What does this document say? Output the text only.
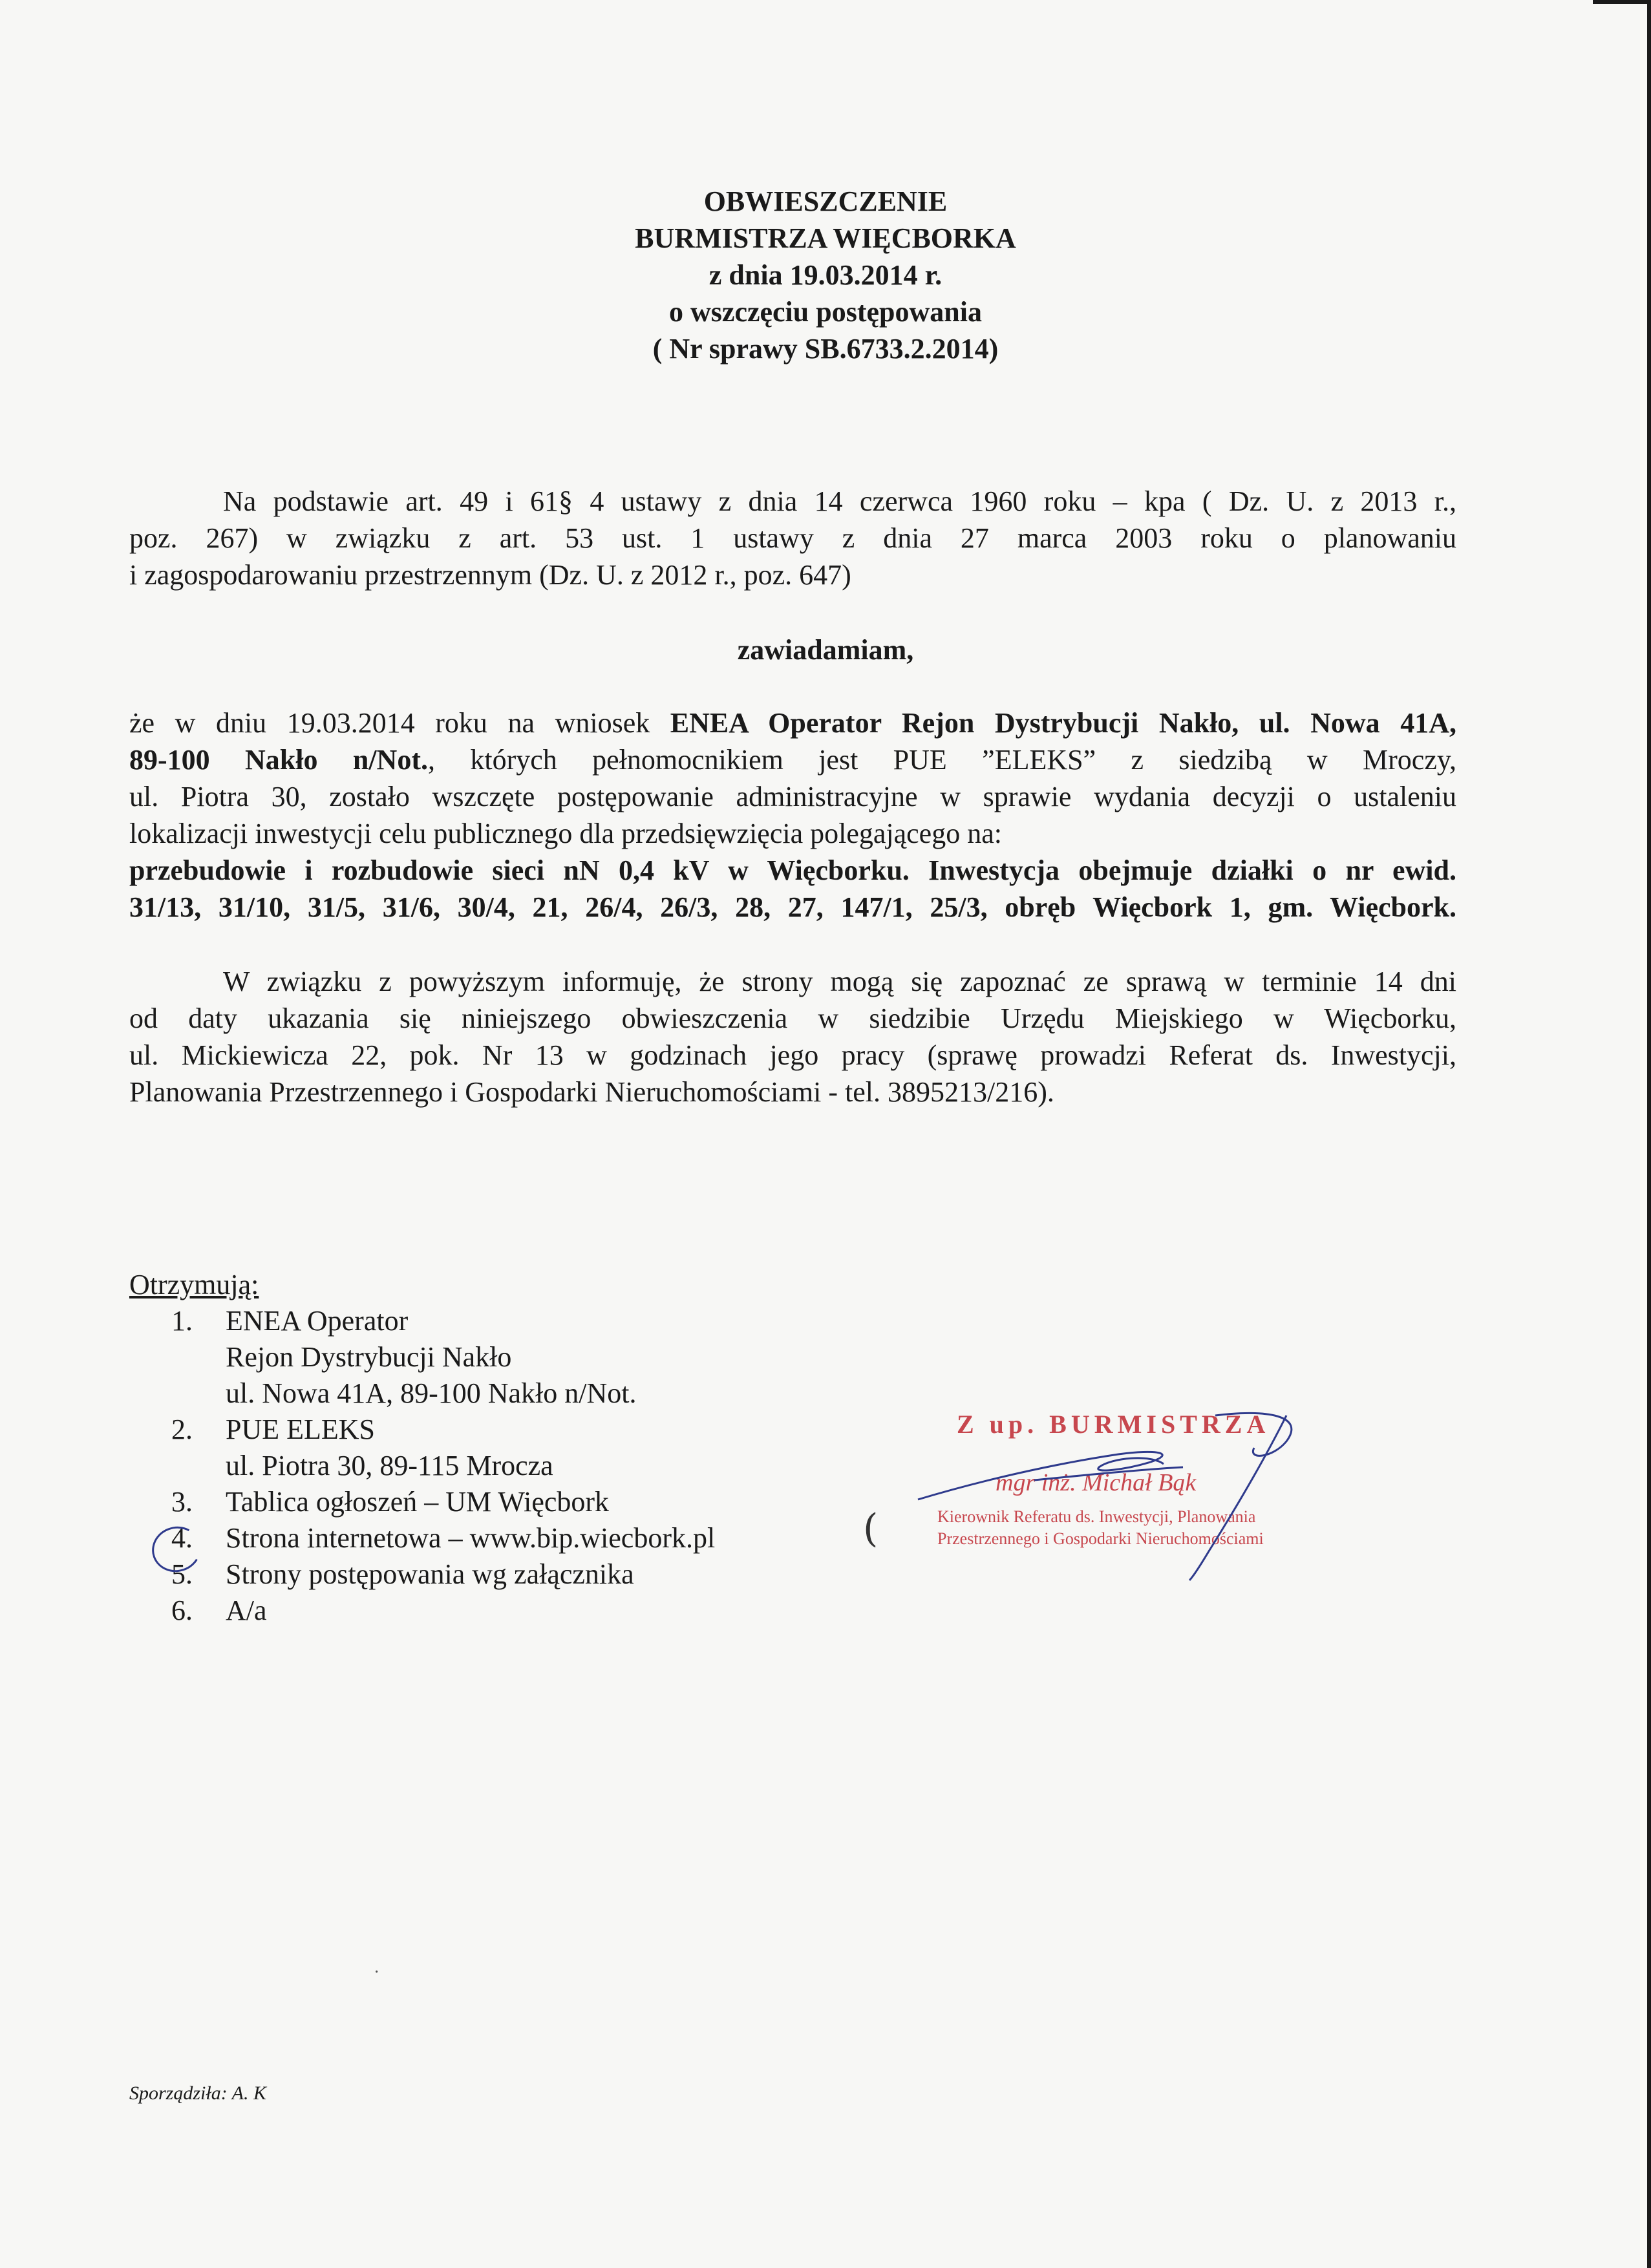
OBWIESZCZENIE
BURMISTRZA WIĘCBORKA
z dnia 19.03.2014 r.
o wszczęciu postępowania
( Nr sprawy SB.6733.2.2014)
Na podstawie art. 49 i 61§ 4 ustawy z dnia 14 czerwca 1960 roku – kpa ( Dz. U. z 2013 r.,
poz. 267) w związku z art. 53 ust. 1 ustawy z dnia 27 marca 2003 roku o planowaniu
i zagospodarowaniu przestrzennym (Dz. U. z 2012 r., poz. 647)
zawiadamiam,
że w dniu 19.03.2014 roku na wniosek ENEA Operator Rejon Dystrybucji Nakło, ul. Nowa 41A,
89-100 Nakło n/Not., których pełnomocnikiem jest PUE ”ELEKS” z siedzibą w Mroczy,
ul. Piotra 30, zostało wszczęte postępowanie administracyjne w sprawie wydania decyzji o ustaleniu
lokalizacji inwestycji celu publicznego dla przedsięwzięcia polegającego na:
przebudowie i rozbudowie sieci nN 0,4 kV w Więcborku. Inwestycja obejmuje działki o nr ewid.
31/13, 31/10, 31/5, 31/6, 30/4, 21, 26/4, 26/3, 28, 27, 147/1, 25/3, obręb Więcbork 1, gm. Więcbork.
W związku z powyższym informuję, że strony mogą się zapoznać ze sprawą w terminie 14 dni
od daty ukazania się niniejszego obwieszczenia w siedzibie Urzędu Miejskiego w Więcborku,
ul. Mickiewicza 22, pok. Nr 13 w godzinach jego pracy (sprawę prowadzi Referat ds. Inwestycji,
Planowania Przestrzennego i Gospodarki Nieruchomościami - tel. 3895213/216).
Otrzymują:
1. ENEA Operator
Rejon Dystrybucji Nakło
ul. Nowa 41A, 89-100 Nakło n/Not.
2. PUE ELEKS
ul. Piotra 30, 89-115 Mrocza
3. Tablica ogłoszeń – UM Więcbork
4. Strona internetowa – www.bip.wiecbork.pl
5. Strony postępowania wg załącznika
6. A/a
Z up. BURMISTRZA
mgr inż. Michał Bąk
Kierownik Referatu ds. Inwestycji, Planowania
Przestrzennego i Gospodarki Nieruchomościami
(
·
Sporządziła: A. K
